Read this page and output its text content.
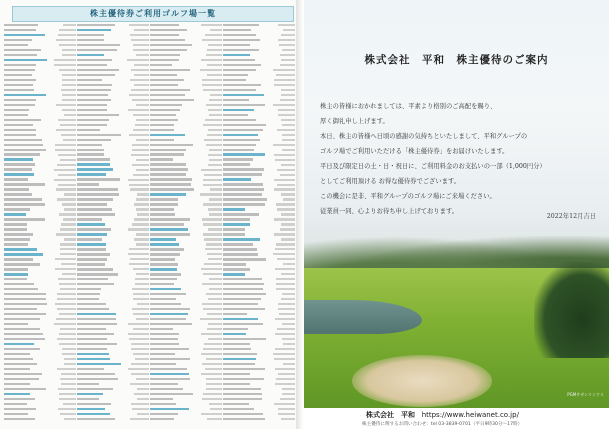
株主優待券ご利用ゴルフ場一覧
株式会社　平和　株主優待のご案内

株主の皆様におかれましては、平素より格別のご高配を賜り、

厚く御礼申し上げます。

本日、株主の皆様へ日頃の感謝の気持ちといたしまして、平和グループの

ゴルフ場でご利用いただける「株主優待券」をお届けいたします。

平日及び限定日の土・日・祝日に、ご利用料金のお支払いの一部（1,000円分）

としてご利用頂ける お得な優待券でございます。

この機会に是非、平和グループのゴルフ場にご来場ください。

従業員一同、心よりお待ち申し上げております。

2022年12月吉日
PGMサザンリンクス
株式会社　平和 https://www.heiwanet.co.jp/
株主優待に関するお問い合わせ：tel 03-3839-0701（平日9時30分～17時）
